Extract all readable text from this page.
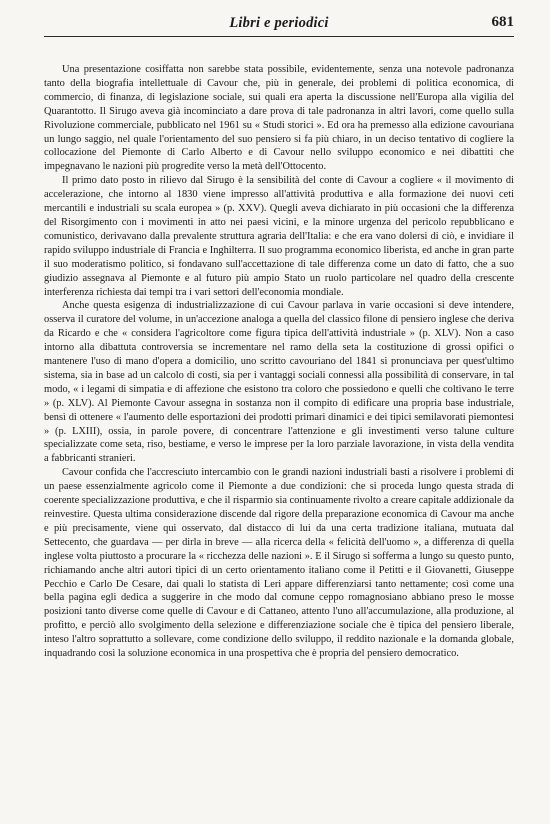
Libri e periodici	681

Una presentazione cosiffatta non sarebbe stata possibile, evidentemente, senza una notevole padronanza tanto della biografia intellettuale di Cavour che, più in generale, dei problemi di politica economica, di commercio, di finanza, di legislazione sociale, sui quali era aperta la discussione nell'Europa alla vigilia del Quarantotto. Il Sirugo aveva già incominciato a dare prova di tale padronanza in altri lavori, come quello sulla Rivoluzione commerciale, pubblicato nel 1961 su « Studi storici ». Ed ora ha premesso alla edizione cavouriana un lungo saggio, nel quale l'orientamento del suo pensiero si fa più chiaro, in un deciso tentativo di cogliere la collocazione del Piemonte di Carlo Alberto e di Cavour nello sviluppo economico e nei dibattiti che impegnavano le nazioni più progredite verso la metà dell'Ottocento.

Il primo dato posto in rilievo dal Sirugo è la sensibilità del conte di Cavour a cogliere « il movimento di accelerazione, che intorno al 1830 viene impresso all'attività produttiva e alla formazione dei nuovi ceti mercantili e industriali su scala europea » (p. XXV). Quegli aveva dichiarato in più occasioni che la differenza del Risorgimento con i movimenti in atto nei paesi vicini, e la minore urgenza del pericolo repubblicano e comunistico, derivavano dalla prevalente struttura agraria dell'Italia: e che era vano dolersi di ciò, e invidiare il rapido sviluppo industriale di Francia e Inghilterra. Il suo programma economico liberista, ed anche in gran parte il suo moderatismo politico, si fondavano sull'accettazione di tale differenza come un dato di fatto, che a suo giudizio assegnava al Piemonte e al futuro più ampio Stato un ruolo particolare nel quadro della crescente interferenza richiesta dai tempi tra i vari settori dell'economia mondiale.

Anche questa esigenza di industrializzazione di cui Cavour parlava in varie occasioni si deve intendere, osserva il curatore del volume, in un'accezione analoga a quella del classico filone di pensiero inglese che deriva da Ricardo e che « considera l'agricoltore come figura tipica dell'attività industriale » (p. XLV). Non a caso intorno alla dibattuta controversia se incrementare nel ramo della seta la costituzione di grossi opifici o mantenere l'uso di mano d'opera a domicilio, uno scritto cavouriano del 1841 si pronunciava per quest'ultimo sistema, sia in base ad un calcolo di costi, sia per i vantaggi sociali connessi alla possibilità di conservare, in tal modo, « i legami di simpatia e di affezione che esistono tra coloro che possiedono e quelli che coltivano le terre » (p. XLV). Al Piemonte Cavour assegna in sostanza non il compito di edificare una propria base industriale, bensì di ottenere « l'aumento delle esportazioni dei prodotti primari dinamici e dei tipici semilavorati piemontesi » (p. LXIII), ossia, in parole povere, di concentrare l'attenzione e gli investimenti verso talune culture specializzate come seta, riso, bestiame, e verso le imprese per la loro parziale lavorazione, in vista della vendita a fabbricanti stranieri.

Cavour confida che l'accresciuto intercambio con le grandi nazioni industriali basti a risolvere i problemi di un paese essenzialmente agricolo come il Piemonte a due condizioni: che si proceda lungo questa strada di coerente specializzazione produttiva, e che il risparmio sia continuamente rivolto a creare capitale addizionale da reinvestire. Questa ultima considerazione discende dal rigore della preparazione economica di Cavour ma anche e più precisamente, viene qui osservato, dal distacco di lui da una certa tradizione italiana, mutuata dal Settecento, che guardava — per dirla in breve — alla ricerca della « felicità dell'uomo », a differenza di quella inglese volta piuttosto a procurare la « ricchezza delle nazioni ». E il Sirugo si sofferma a lungo su questo punto, richiamando anche altri autori tipici di un certo orientamento italiano come il Petitti e il Giovanetti, Giuseppe Pecchio e Carlo De Cesare, dai quali lo statista di Leri appare differenziarsi tanto nettamente; così come una bella pagina egli dedica a suggerire in che modo dal comune ceppo romagnosiano abbiano preso le mosse posizioni tanto diverse come quelle di Cavour e di Cattaneo, attento l'uno all'accumulazione, alla produzione, al profitto, e perciò allo svolgimento della selezione e differenziazione sociale che è tipica del pensiero liberale, inteso l'altro soprattutto a sollevare, come condizione dello sviluppo, il reddito nazionale e la domanda globale, inquadrando così la soluzione economica in una prospettiva che è propria del pensiero democratico.
